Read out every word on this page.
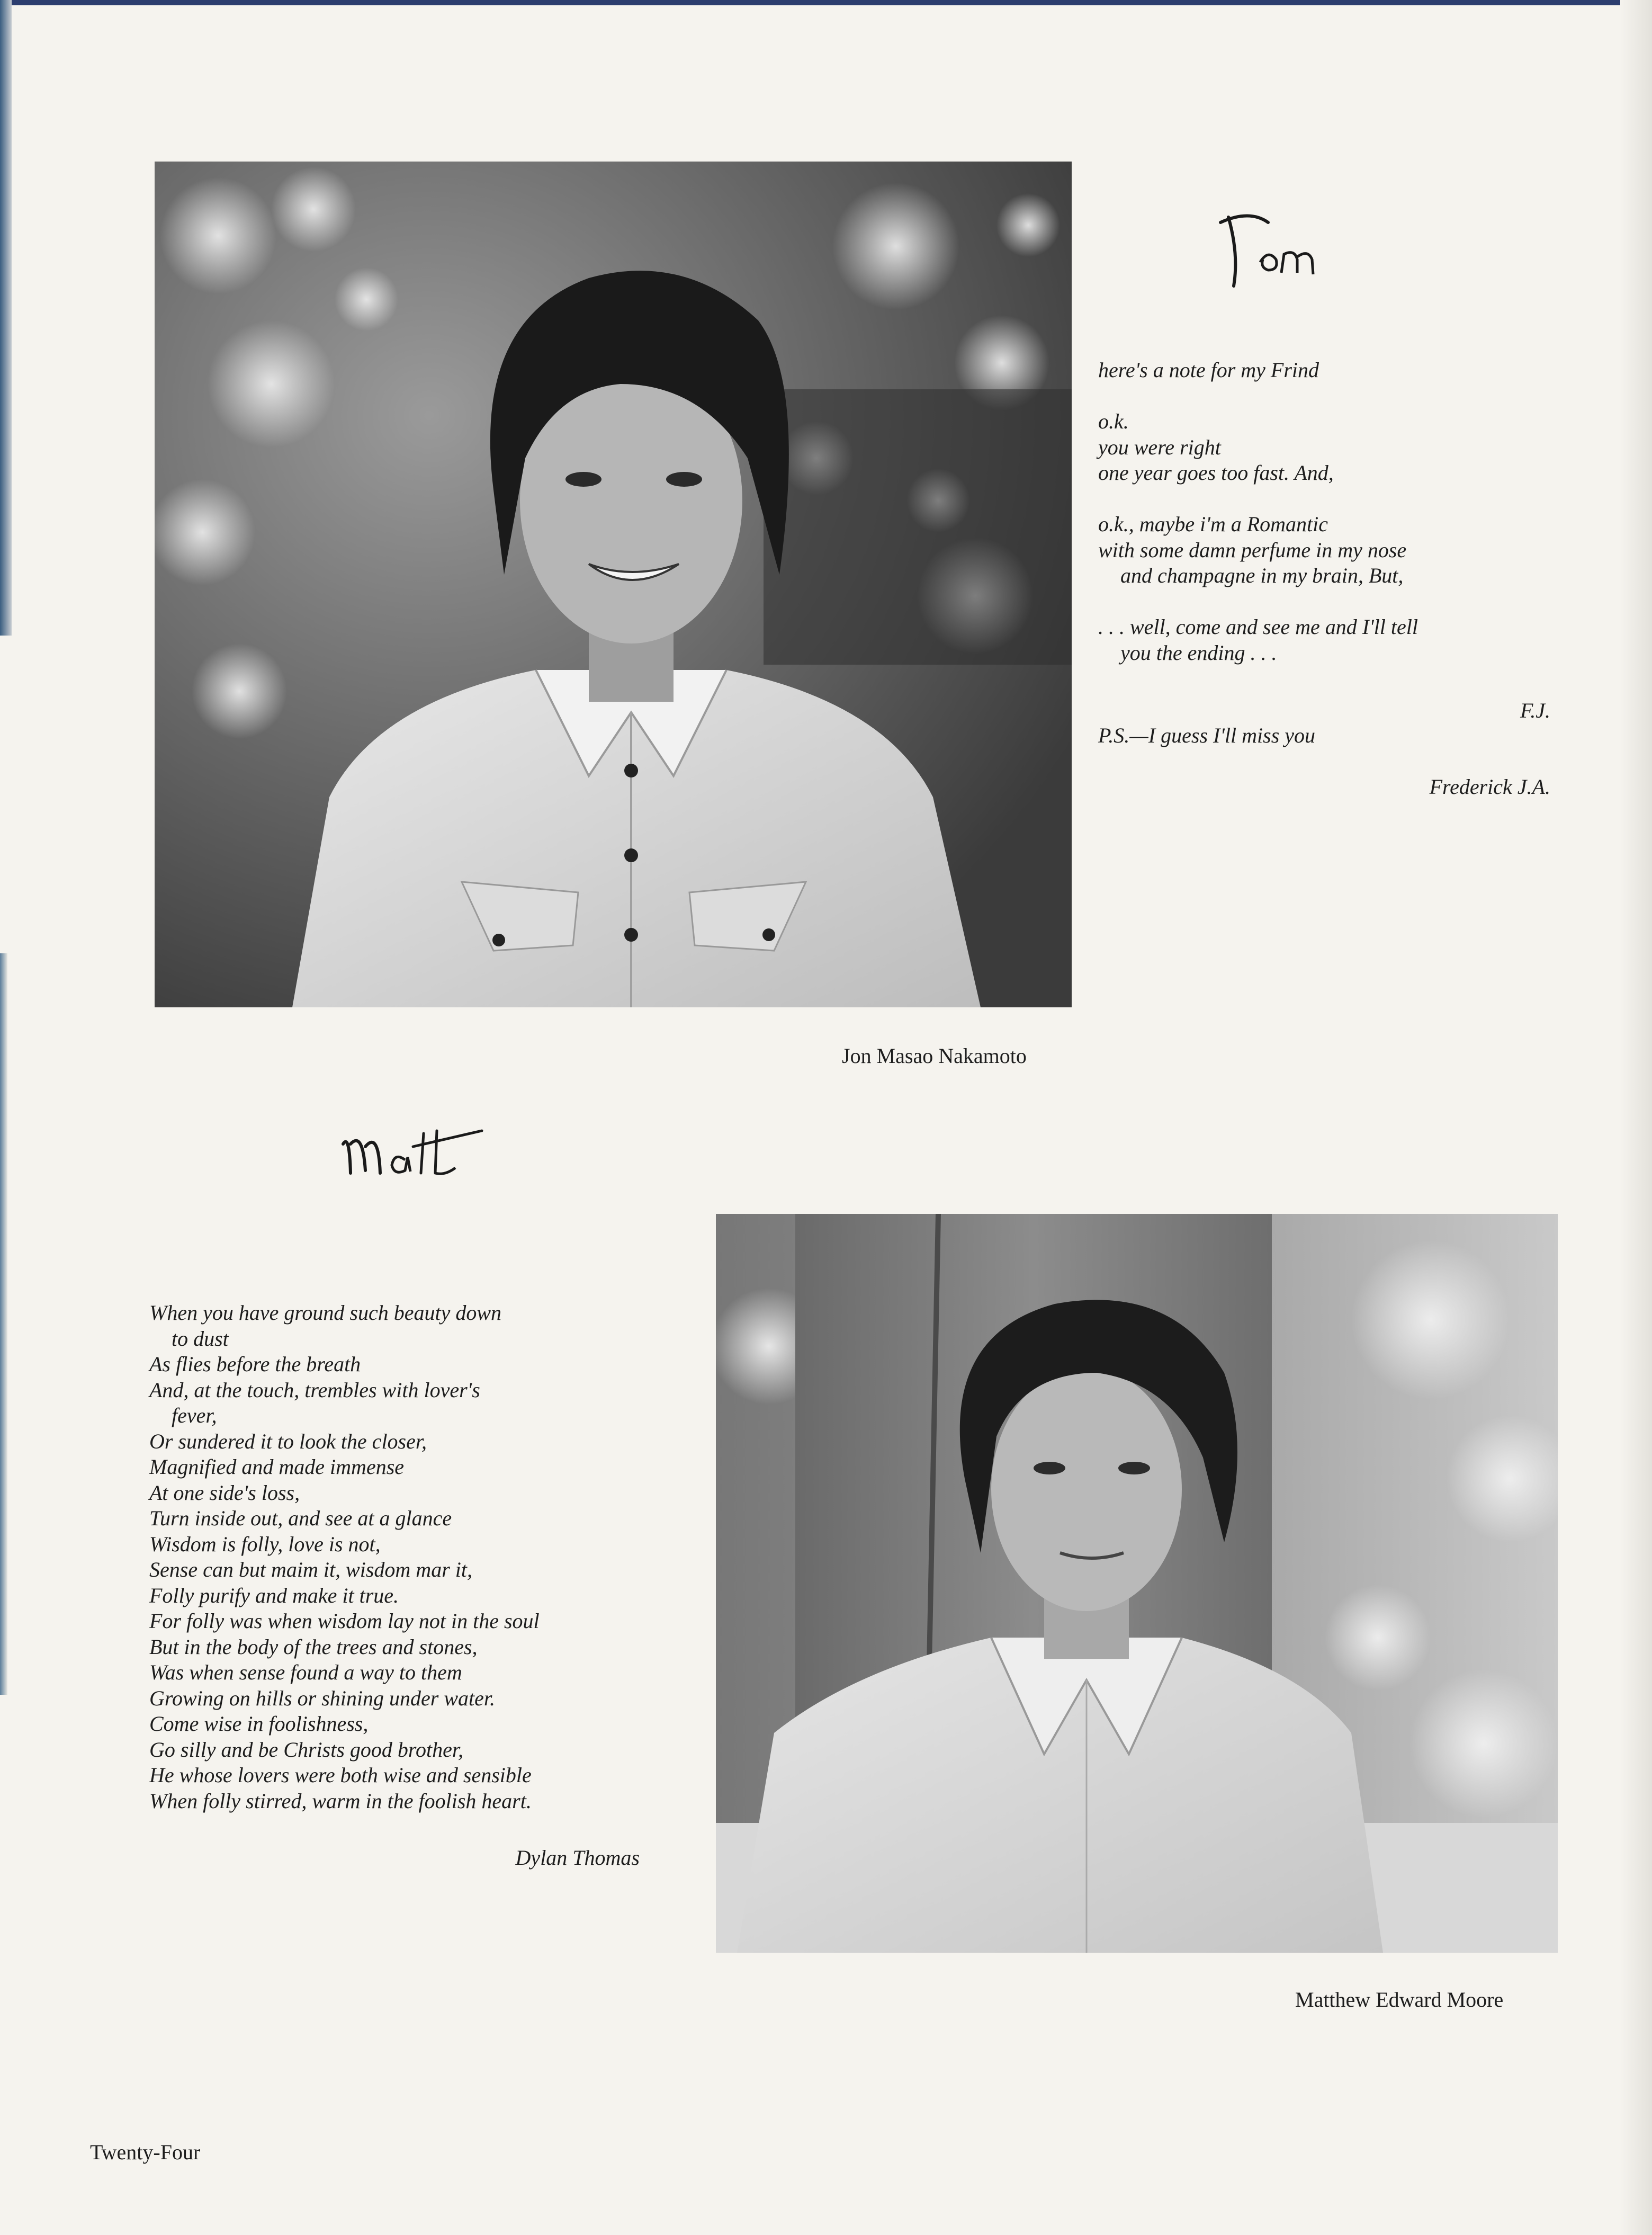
here's a note for my Frind

o.k.
you were right
one year goes too fast. And,

o.k., maybe i'm a Romantic
with some damn perfume in my nose
and champagne in my brain, But,

. . . well, come and see me and I'll tell
you the ending . . .
F.J.
P.S.—I guess I'll miss you
Frederick J.A.
Jon Masao Nakamoto
When you have ground such beauty down
to dust
As flies before the breath
And, at the touch, trembles with lover's
fever,
Or sundered it to look the closer,
Magnified and made immense
At one side's loss,
Turn inside out, and see at a glance
Wisdom is folly, love is not,
Sense can but maim it, wisdom mar it,
Folly purify and make it true.
For folly was when wisdom lay not in the soul
But in the body of the trees and stones,
Was when sense found a way to them
Growing on hills or shining under water.
Come wise in foolishness,
Go silly and be Christs good brother,
He whose lovers were both wise and sensible
When folly stirred, warm in the foolish heart.
Dylan Thomas
Matthew Edward Moore
Twenty-Four
